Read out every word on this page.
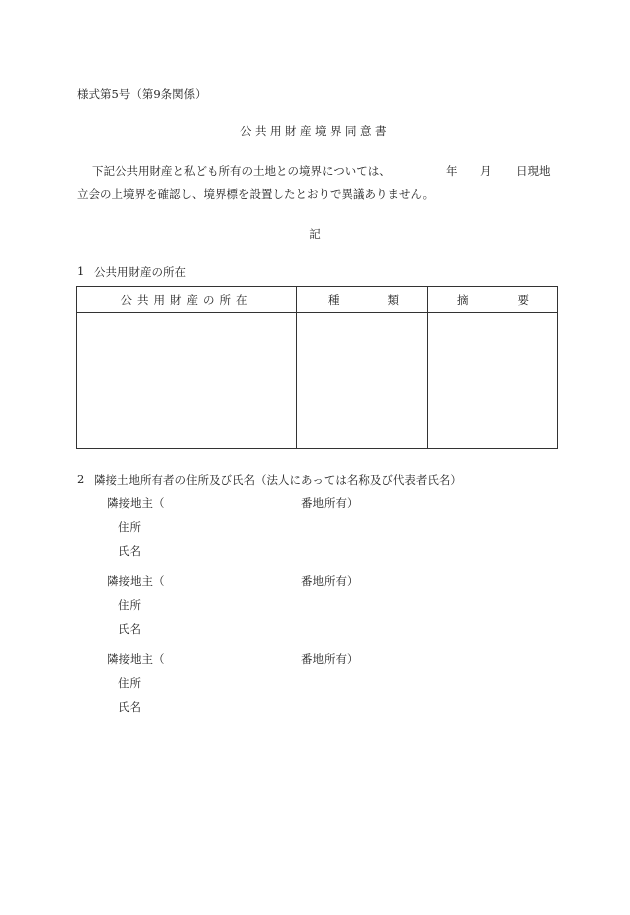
様式第5号（第9条関係）
公共用財産境界同意書
下記公共用財産と私ども所有の土地との境界については、	年 月 日現地
立会の上境界を確認し、境界標を設置したとおりで異議ありません。
記
1 公共用財産の所在
公共用財産の所在	種 類	摘 要

2 隣接土地所有者の住所及び氏名（法人にあっては名称及び代表者氏名）
隣接地主（	番地所有）
住所
氏名
隣接地主（	番地所有）
住所
氏名
隣接地主（	番地所有）
住所
氏名
